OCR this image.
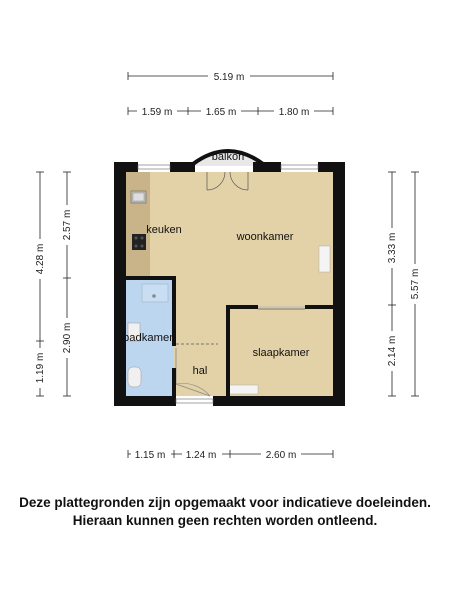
5.19 m
1.59 m	1.65 m	1.80 m
1.15 m 1.24 m	2.60 m
4.28 m
1.19 m
2.57 m
2.90 m
3.33 m
2.14 m
5.57 m
balkon
keuken
woonkamer
badkamer
slaapkamer
hal
Deze plattegronden zijn opgemaakt voor indicatieve doeleinden.
Hieraan kunnen geen rechten worden ontleend.
